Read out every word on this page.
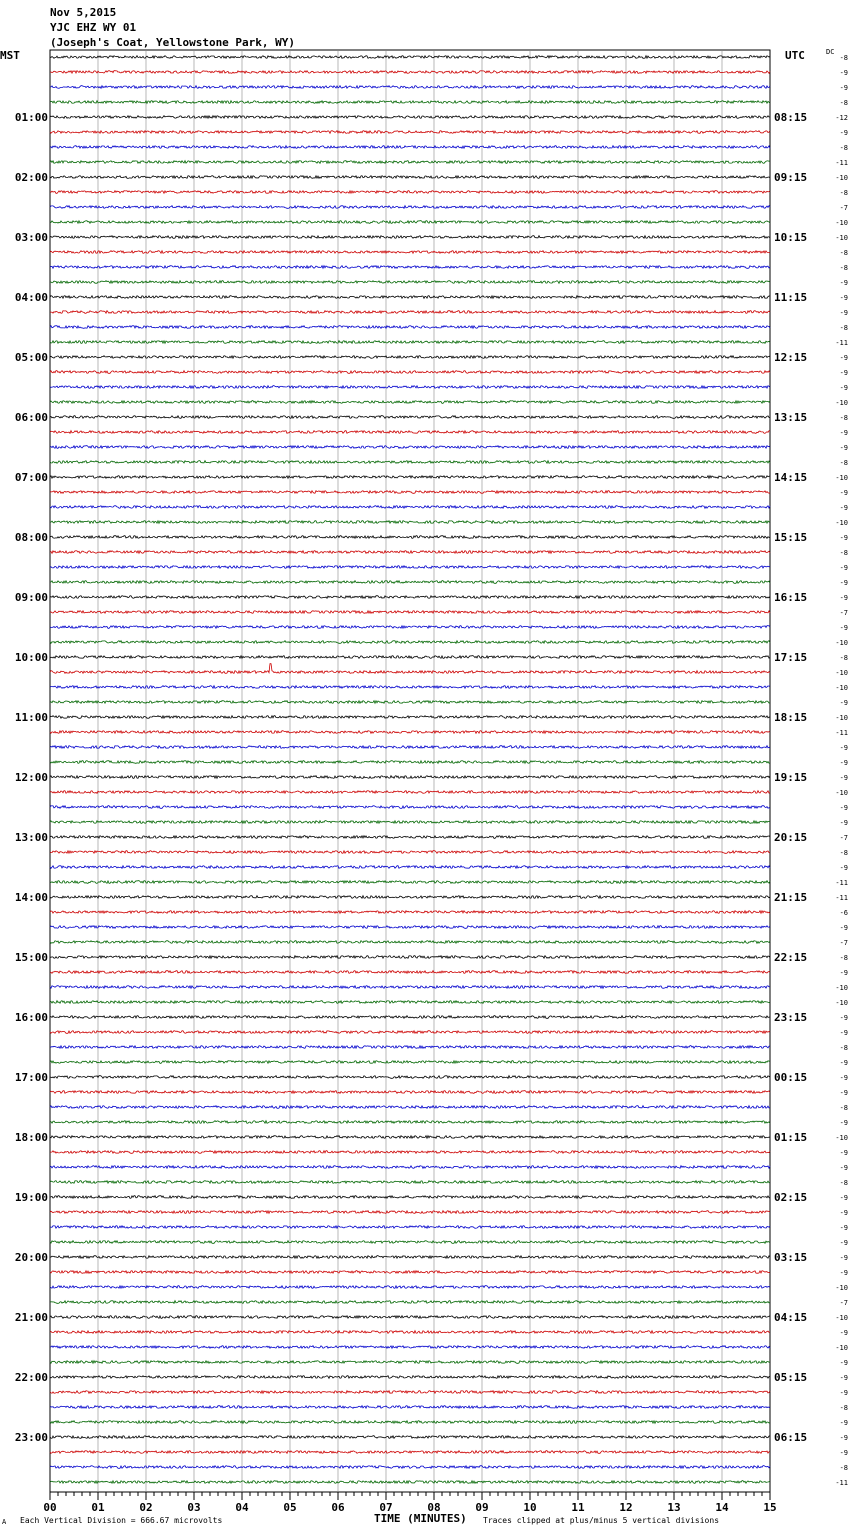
Nov 5,2015
YJC EHZ WY 01
(Joseph's Coat, Yellowstone Park, WY)
MST	UTC	DC
-8
-9
-9
-8
-12
-9
-8
-11
-10
-8
-7
-10
-10
-8
-8
-9
-9
-9
-8
-11
-9
-9
-9
-10
-8
-9
-9
-8
-10
-9
-9
-10
-9
-8
-9
-9
-9
-7
-9
-10
-8
-10
-10
-9
-10
-11
-9
-9
-9
-10
-9
-9
-7
-8
-9
-11
-11
-6
-9
-7
-8
-9
-10
-10
-9
-9
-8
-9
-9
-9
-8
-9
-10
-9
-9
-8
-9
-9
-9
-9
-9
-9
-10
-7
-10
-9
-10
-9
-9
-9
-8
-9
-9
-9
-8
-11
01:00
02:00
03:00
04:00
05:00
06:00
07:00
08:00
09:00
10:00
11:00
12:00
13:00
14:00
15:00
16:00
17:00
18:00
19:00
20:00
21:00
22:00
23:00
08:15
09:15
10:15
11:15
12:15
13:15
14:15
15:15
16:15
17:15
18:15
19:15
20:15
21:15
22:15
23:15
00:15
01:15
02:15
03:15
04:15
05:15
06:15
00	01	02	03	04	05	06	07	08	09	10	11	12	13	14	15
A Each Vertical Division = 666.67 microvolts	TIME (MINUTES) Traces clipped at plus/minus 5 vertical divisions
